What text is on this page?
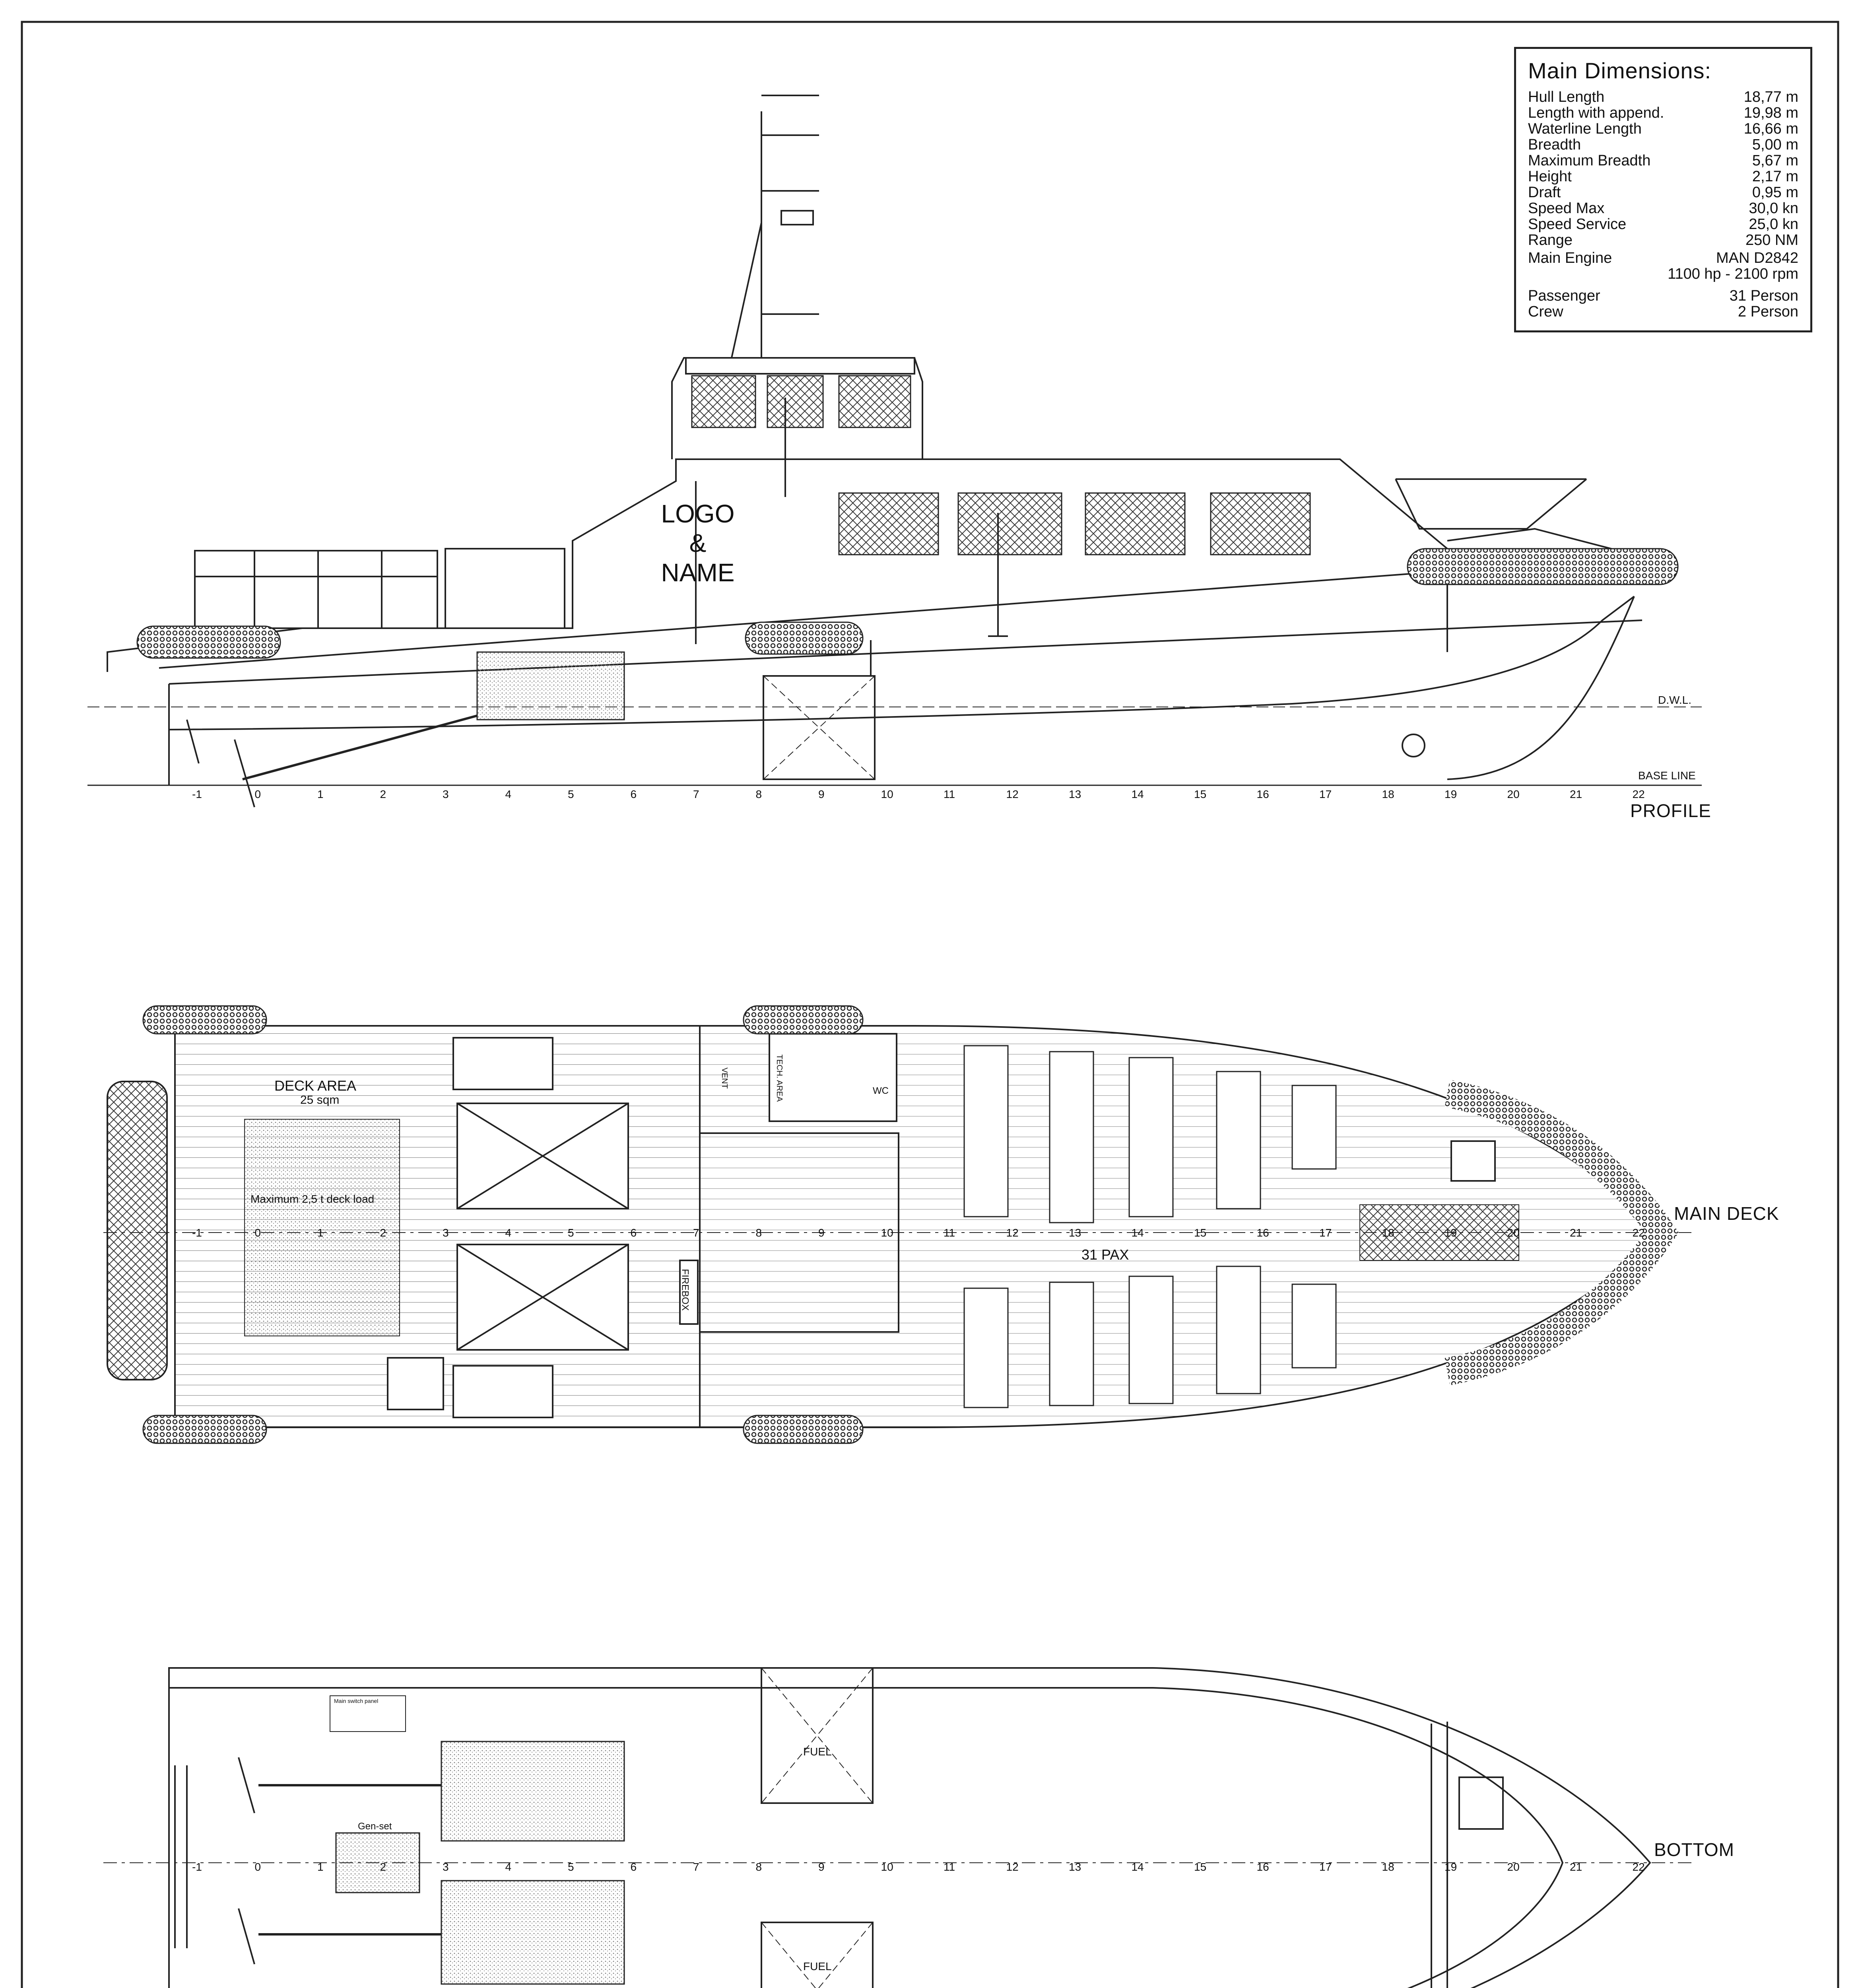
Main Dimensions:
Hull Length	18,77 m
Length with append.	19,98 m
Waterline Length	16,66 m
Breadth	5,00 m
Maximum Breadth	5,67 m
Height	2,17 m
Draft	0,95 m
Speed Max	30,0 kn
Speed Service	25,0 kn
Range	250 NM
Main Engine	MAN D2842
1100 hp - 2100 rpm
Passenger	31 Person
Crew	2 Person
LOGO
&
NAME
D.W.L.
BASE LINE
PROFILE
-1	0	1	2	3	4	5	6	7	8	9	10	11	12	13	14	15	16	17	18	19	20	21	22
-1	0	1	2	3	4	5	6	7	8	9	10	11	12	13	14	15	16	17	18	19	20	21	22
-1	0	1	2	3	4	5	6	7	8	9	10	11	12	13	14	15	16	17	18	19	20	21	22
DECK AREA
25 sqm
Maximum 2,5 t deck load
31 PAX
WC
VENT	TECH. AREA
FIREBOX
MAIN DECK
FUEL
FUEL
Gen-set
Main switch panel
BOTTOM
